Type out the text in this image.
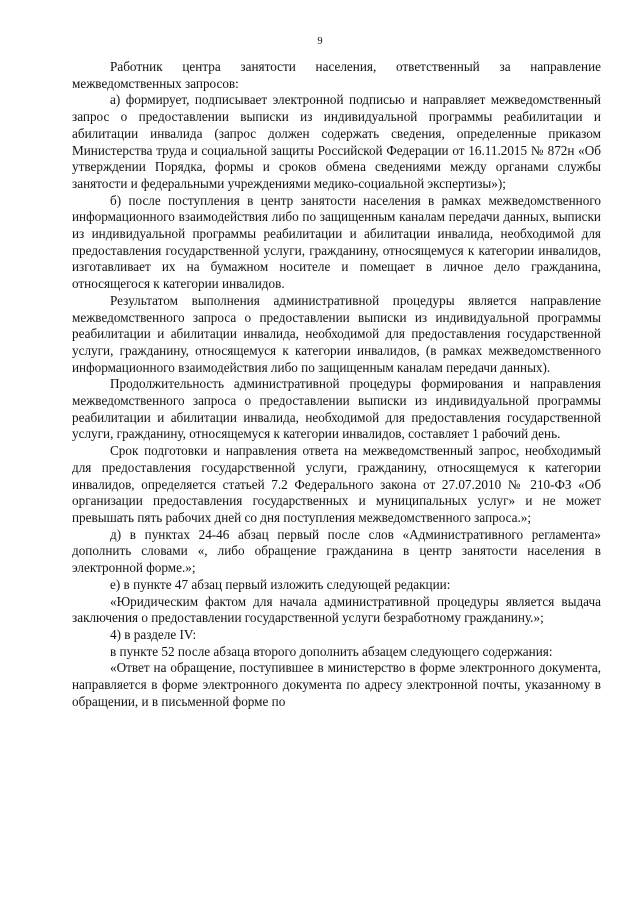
9

Работник центра занятости населения, ответственный за направление межведомственных запросов:

а) формирует, подписывает электронной подписью и направляет межведомственный запрос о предоставлении выписки из индивидуальной программы реабилитации и абилитации инвалида (запрос должен содержать сведения, определенные приказом Министерства труда и социальной защиты Российской Федерации от 16.11.2015 № 872н «Об утверждении Порядка, формы и сроков обмена сведениями между органами службы занятости и федеральными учреждениями медико-социальной экспертизы»);

б) после поступления в центр занятости населения в рамках межведомственного информационного взаимодействия либо по защищенным каналам передачи данных, выписки из индивидуальной программы реабилитации и абилитации инвалида, необходимой для предоставления государственной услуги, гражданину, относящемуся к категории инвалидов, изготавливает их на бумажном носителе и помещает в личное дело гражданина, относящегося к категории инвалидов.

Результатом выполнения административной процедуры является направление межведомственного запроса о предоставлении выписки из индивидуальной программы реабилитации и абилитации инвалида, необходимой для предоставления государственной услуги, гражданину, относящемуся к категории инвалидов, (в рамках межведомственного информационного взаимодействия либо по защищенным каналам передачи данных).

Продолжительность административной процедуры формирования и направления межведомственного запроса о предоставлении выписки из индивидуальной программы реабилитации и абилитации инвалида, необходимой для предоставления государственной услуги, гражданину, относящемуся к категории инвалидов, составляет 1 рабочий день.

Срок подготовки и направления ответа на межведомственный запрос, необходимый для предоставления государственной услуги, гражданину, относящемуся к категории инвалидов, определяется статьей 7.2 Федерального закона от 27.07.2010 № 210-ФЗ «Об организации предоставления государственных и муниципальных услуг» и не может превышать пять рабочих дней со дня поступления межведомственного запроса.»;

д) в пунктах 24-46 абзац первый после слов «Административного регламента» дополнить словами «, либо обращение гражданина в центр занятости населения в электронной форме.»;

е) в пункте 47 абзац первый изложить следующей редакции:

«Юридическим фактом для начала административной процедуры является выдача заключения о предоставлении государственной услуги безработному гражданину.»;

4) в разделе IV:

в пункте 52 после абзаца второго дополнить абзацем следующего содержания:

«Ответ на обращение, поступившее в министерство в форме электронного документа, направляется в форме электронного документа по адресу электронной почты, указанному в обращении, и в письменной форме по
